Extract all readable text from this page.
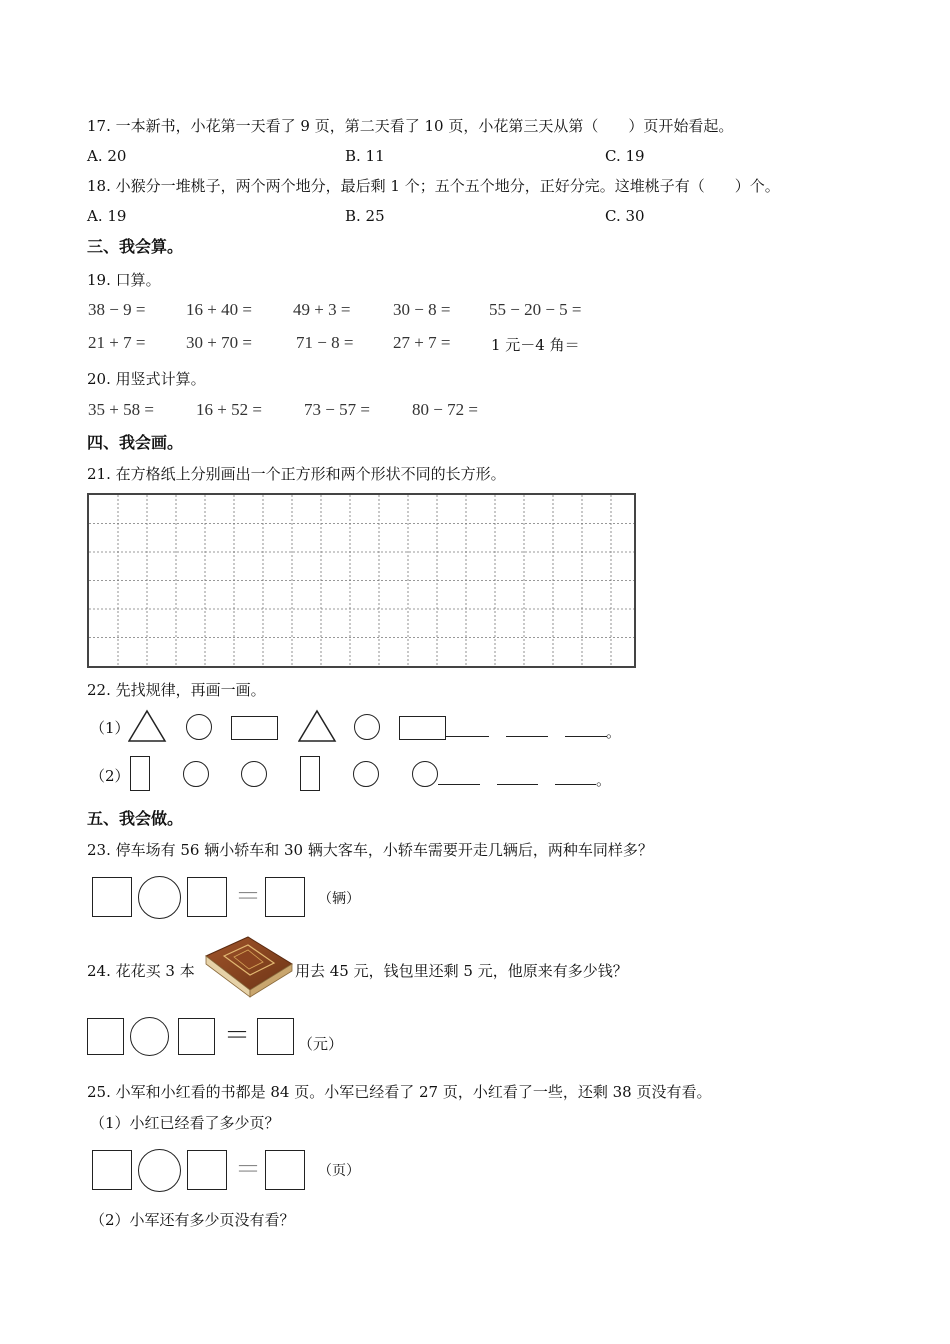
17. 一本新书，小花第一天看了 9 页，第二天看了 10 页，小花第三天从第（　　）页开始看起。
A. 20	B. 11	C. 19
18. 小猴分一堆桃子，两个两个地分，最后剩 1 个；五个五个地分，正好分完。这堆桃子有（　　）个。
A. 19	B. 25	C. 30
三、我会算。
19. 口算。
38 − 9 = 16 + 40 = 49 + 3 =	30 − 8 = 55 − 20 − 5 =
21 + 7 = 30 + 70 =	71 − 8 = 27 + 7 =	1 元－4 角＝
20. 用竖式计算。
35 + 58 = 16 + 52 = 73 − 57 = 80 − 72 =
四、我会画。
21. 在方格纸上分别画出一个正方形和两个形状不同的长方形。
22. 先找规律，再画一画。
（1）	。
（2）	。
五、我会做。
23. 停车场有 56 辆小轿车和 30 辆大客车，小轿车需要开走几辆后，两种车同样多？
＝	（辆）
24. 花花买 3 本	用去 45 元，钱包里还剩 5 元，他原来有多少钱？
＝	（元）
25. 小军和小红看的书都是 84 页。小军已经看了 27 页，小红看了一些，还剩 38 页没有看。
（1）小红已经看了多少页？
＝	（页）
（2）小军还有多少页没有看？
